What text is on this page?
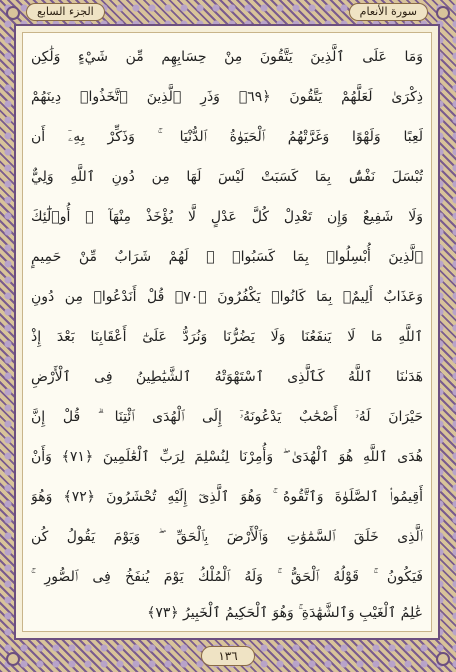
الجزء السابع	سورة الأنعام
وَمَا عَلَى ٱلَّذِينَ يَتَّقُونَ مِنْ حِسَابِهِم مِّن شَيْءٍ وَلَٰكِن
ذِكْرَىٰ لَعَلَّهُمْ يَتَّقُونَ ﴿٦٩﴾ وَذَرِ ٱلَّذِينَ ٱتَّخَذُوا۟ دِينَهُمْ
لَعِبًا وَلَهْوًا وَغَرَّتْهُمُ ٱلْحَيَوٰةُ ٱلدُّنْيَا ۚ وَذَكِّرْ بِهِۦٓ أَن
تُبْسَلَ نَفْسٌۢ بِمَا كَسَبَتْ لَيْسَ لَهَا مِن دُونِ ٱللَّهِ وَلِيٌّ
وَلَا شَفِيعٌ وَإِن تَعْدِلْ كُلَّ عَدْلٍ لَّا يُؤْخَذْ مِنْهَآ ۗ أُو۟لَٰٓئِكَ
ٱلَّذِينَ أُبْسِلُوا۟ بِمَا كَسَبُوا۟ ۖ لَهُمْ شَرَابٌ مِّنْ حَمِيمٍ
وَعَذَابٌ أَلِيمٌۢ بِمَا كَانُوا۟ يَكْفُرُونَ ﴿٧٠﴾ قُلْ أَنَدْعُوا۟ مِن دُونِ
ٱللَّهِ مَا لَا يَنفَعُنَا وَلَا يَضُرُّنَا وَنُرَدُّ عَلَىٰٓ أَعْقَابِنَا بَعْدَ إِذْ
هَدَىٰنَا ٱللَّهُ كَٱلَّذِى ٱسْتَهْوَتْهُ ٱلشَّيَٰطِينُ فِى ٱلْأَرْضِ
حَيْرَانَ لَهُۥٓ أَصْحَٰبٌ يَدْعُونَهُۥٓ إِلَى ٱلْهُدَى ٱئْتِنَا ۗ قُلْ إِنَّ
هُدَى ٱللَّهِ هُوَ ٱلْهُدَىٰ ۖ وَأُمِرْنَا لِنُسْلِمَ لِرَبِّ ٱلْعَٰلَمِينَ ﴿٧١﴾ وَأَنْ
أَقِيمُوا۟ ٱلصَّلَوٰةَ وَٱتَّقُوهُ ۚ وَهُوَ ٱلَّذِىٓ إِلَيْهِ تُحْشَرُونَ ﴿٧٢﴾ وَهُوَ
ٱلَّذِى خَلَقَ ٱلسَّمَٰوَٰتِ وَٱلْأَرْضَ بِٱلْحَقِّ ۖ وَيَوْمَ يَقُولُ كُن
فَيَكُونُ ۚ قَوْلُهُ ٱلْحَقُّ ۚ وَلَهُ ٱلْمُلْكُ يَوْمَ يُنفَخُ فِى ٱلصُّورِ ۚ
عَٰلِمُ ٱلْغَيْبِ وَٱلشَّهَٰدَةِ ۚ وَهُوَ ٱلْحَكِيمُ ٱلْخَبِيرُ ﴿٧٣﴾
١٣٦
